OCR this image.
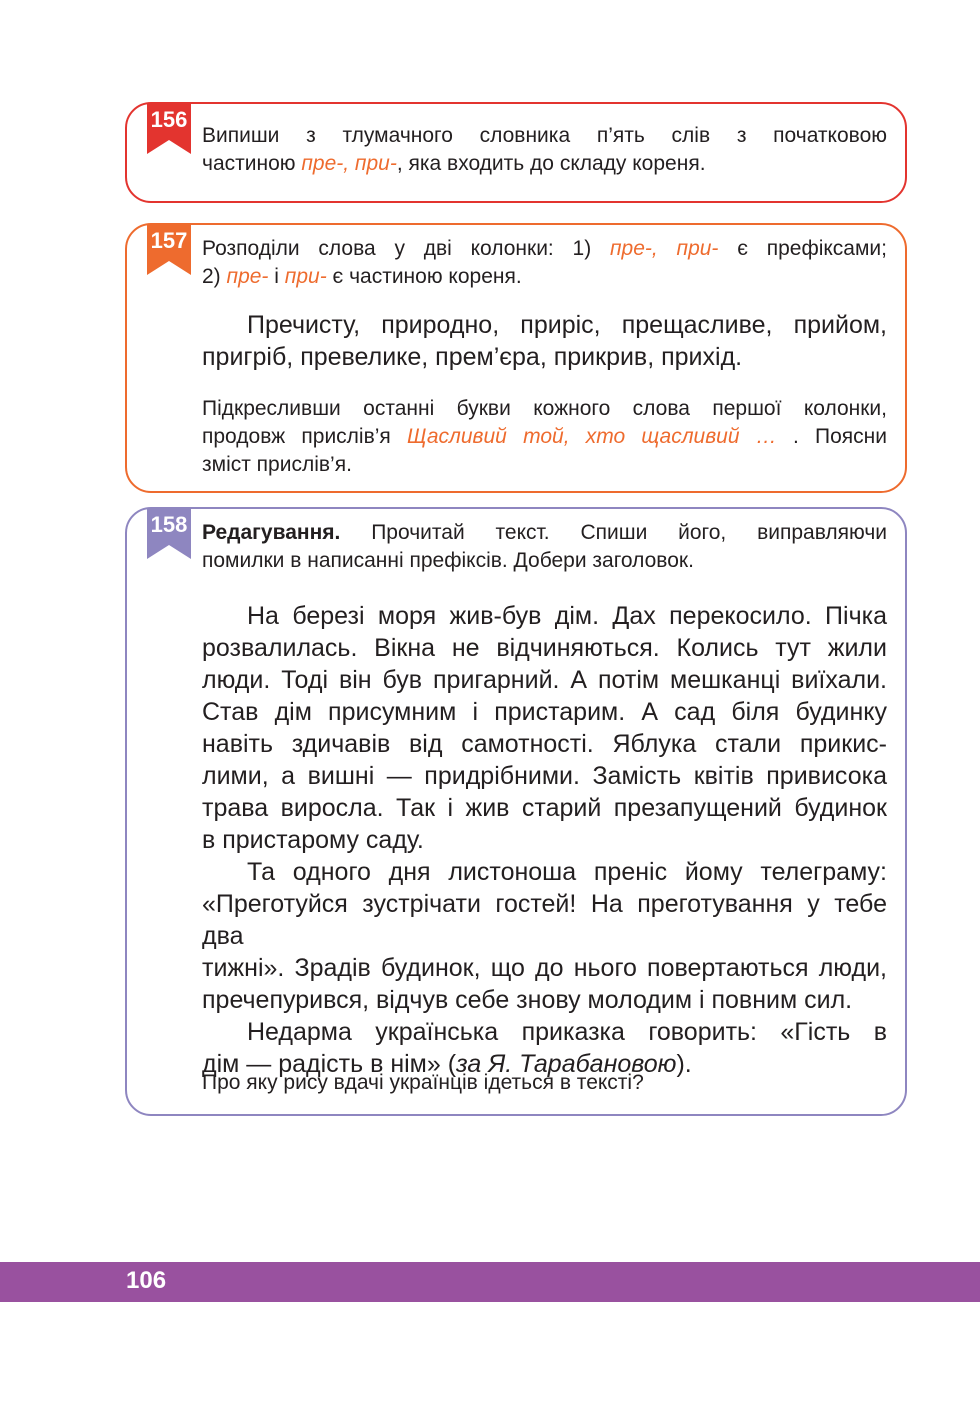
156
Випиши з тлумачного словника п’ять слів з початковою
частиною пре-, при-, яка входить до складу кореня.
157 Розподіли слова у дві колонки: 1) пре-, при- є префіксами;
2) пре- і при- є частиною кореня.
Пречисту, природно, приріс, прещасливе, прийом,
пригріб, превелике, прем’єра, прикрив, прихід.
Підкресливши останні букви кожного слова першої колонки,
продовж прислів’я Щасливий той, хто щасливий … . Поясни
зміст прислів’я.
158 Редагування. Прочитай текст. Спиши його, виправляючи
помилки в написанні префіксів. Добери заголовок.
На березі моря жив-був дім. Дах перекосило. Пічка
розвалилась. Вікна не відчиняються. Колись тут жили
люди. Тоді він був пригарний. А потім мешканці виїхали.
Став дім присумним і пристарим. А сад біля будинку
навіть здичавів від самотності. Яблука стали прикис-
лими, а вишні — придрібними. Замість квітів привисока
трава виросла. Так і жив старий презапущений будинок
в пристарому саду.
Та одного дня листоноша преніс йому телеграму:
«Преготуйся зустрічати гостей! На преготування у тебе два
тижні». Зрадів будинок, що до нього повертаються люди,
пречепурився, відчув себе знову молодим і повним сил.
Недарма українська приказка говорить: «Гість в
дім — радість в нім» (за Я. Тарабановою).
Про яку рису вдачі українців ідеться в тексті?
106
